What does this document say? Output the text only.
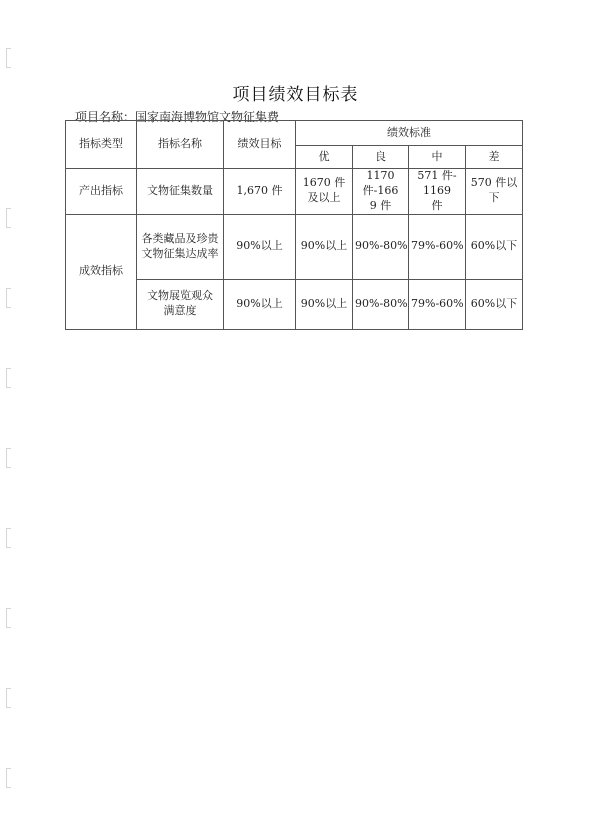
项目绩效目标表
项目名称：国家南海博物馆文物征集费
指标类型	指标名称	绩效目标	绩效标准			
			优	良	中	差
产出指标	文物征集数量	1,670 件	1670 件及以上	1170 件-1669 件	571 件-1169 件	570 件以下
成效指标	各类藏品及珍贵文物征集达成率	90%以上	90%以上	90%-80%	79%-60%	60%以下
	文物展览观众满意度	90%以上	90%以上	90%-80%	79%-60%	60%以下
